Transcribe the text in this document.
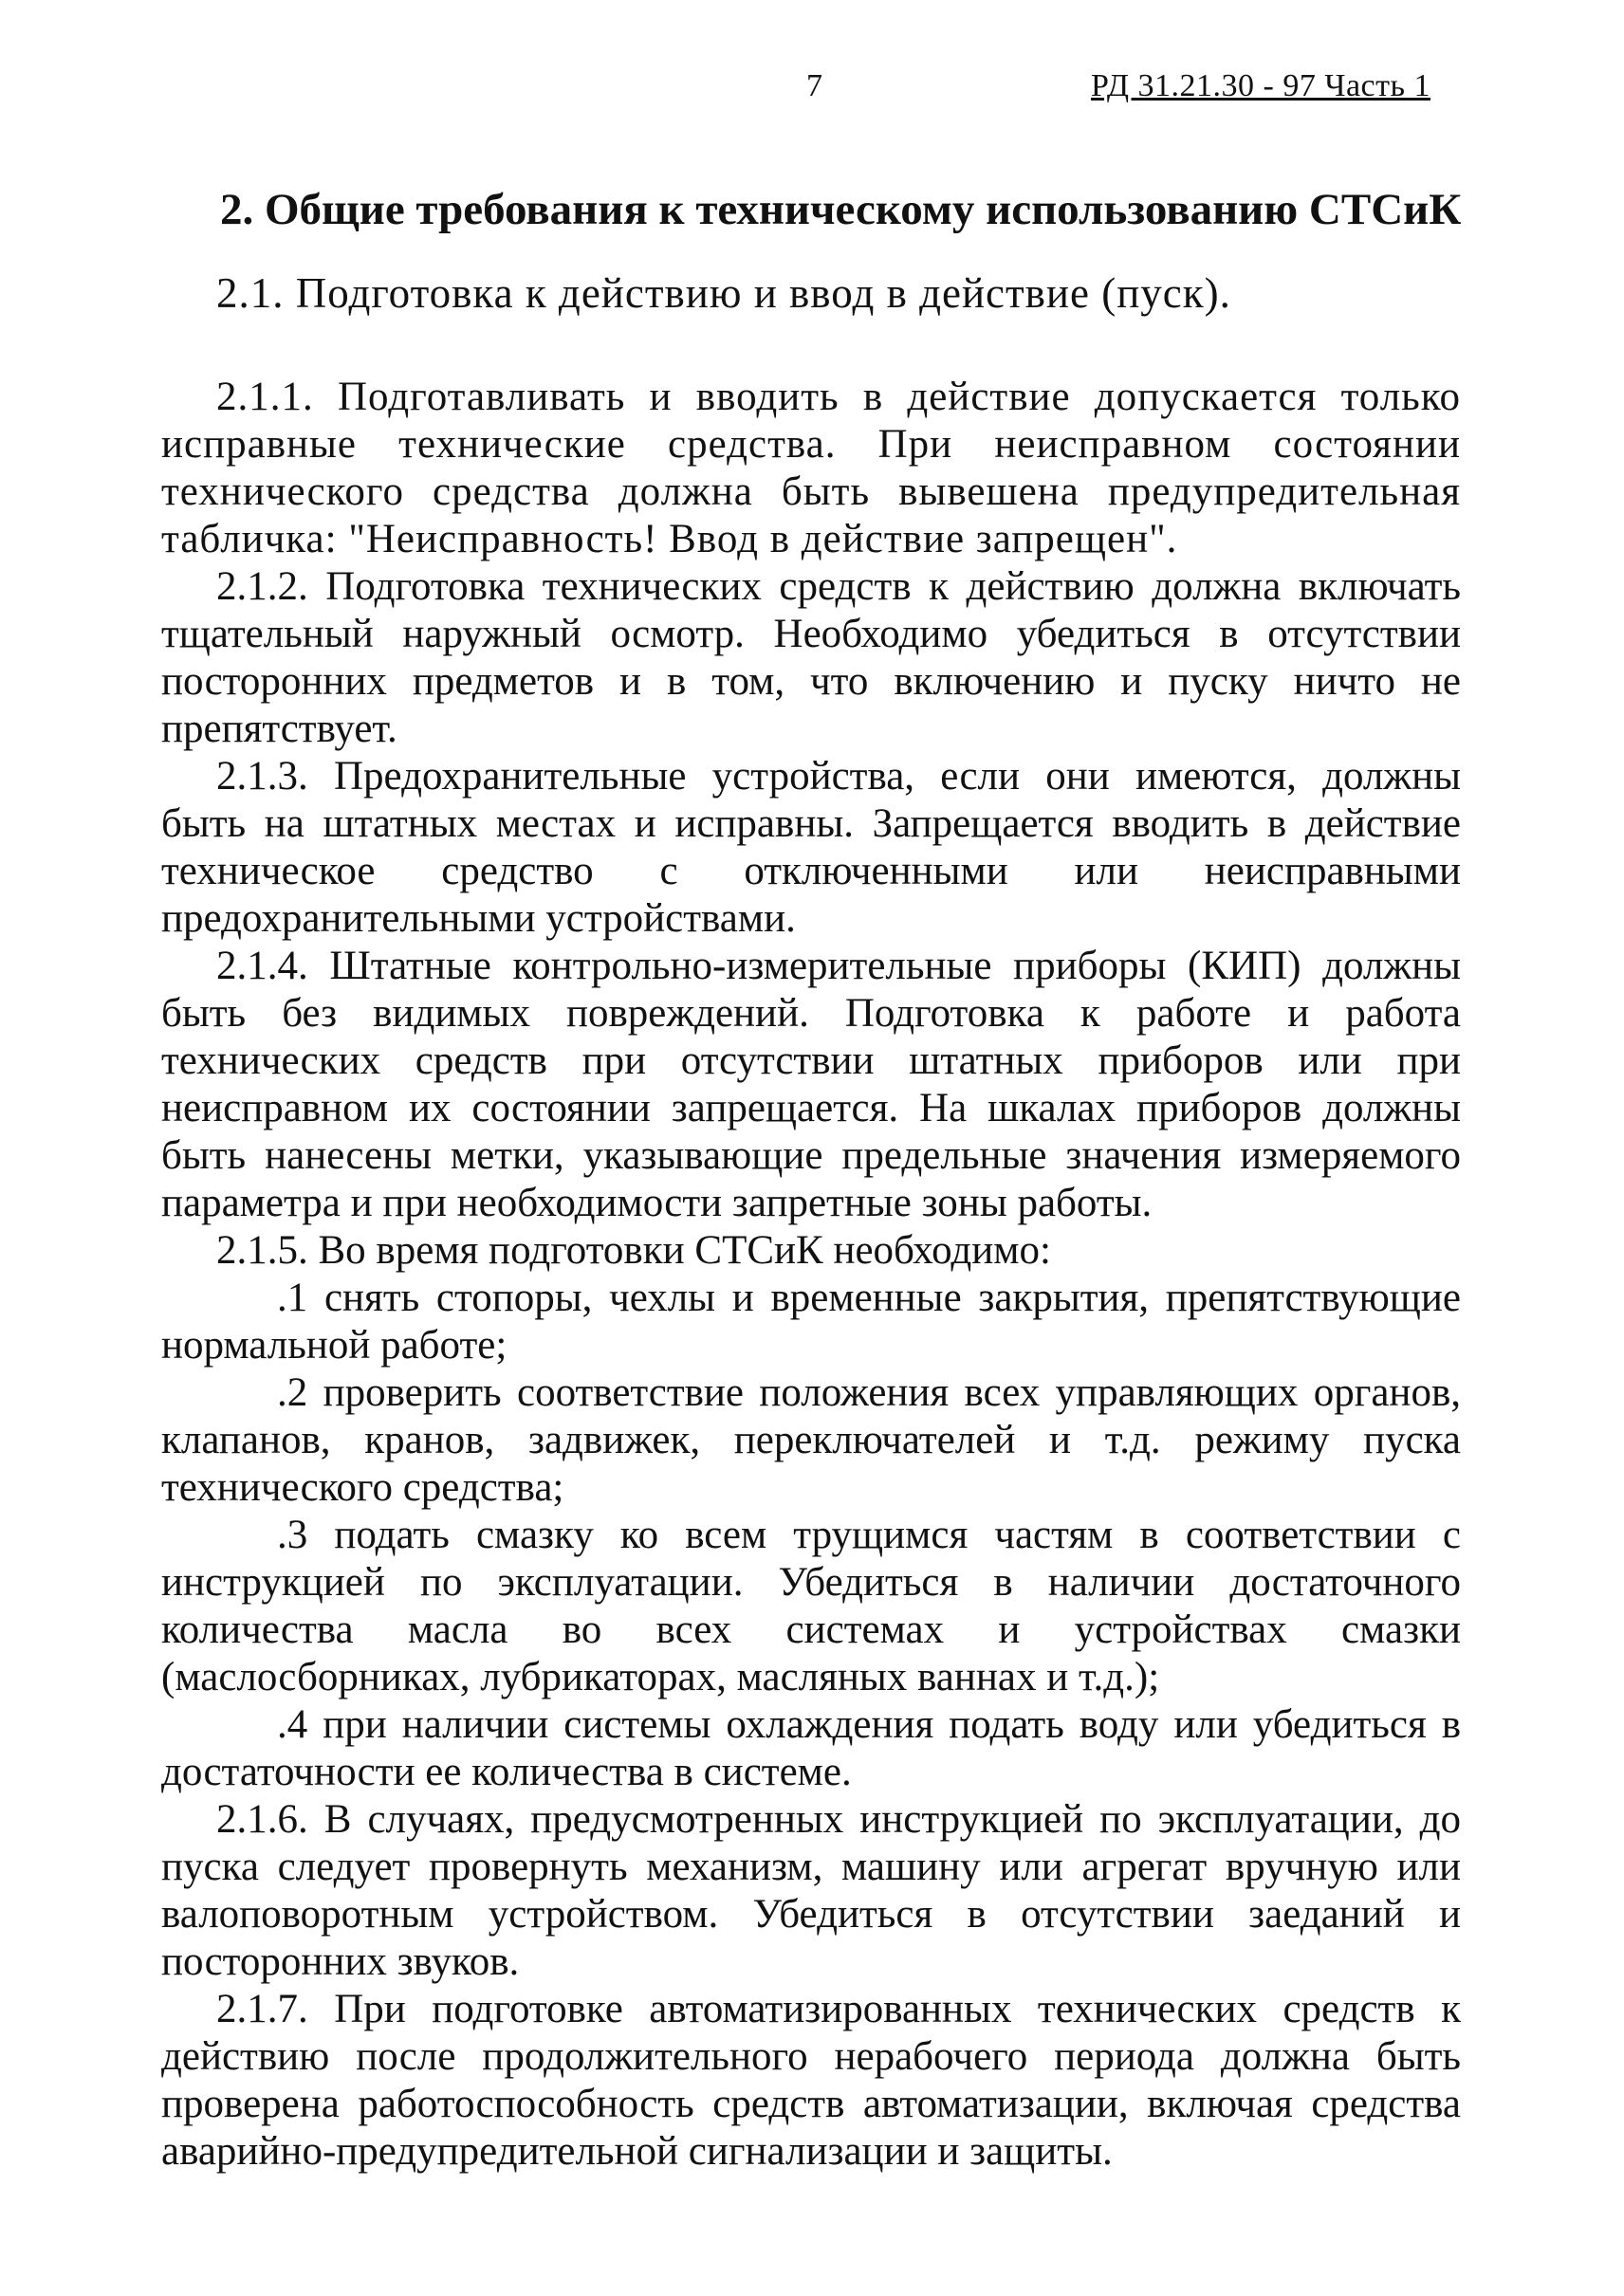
7	РД 31.21.30 - 97 Часть 1
2. Общие требования к техническому использованию СТСиК

2.1. Подготовка к действию и ввод в действие (пуск).

2.1.1. Подготавливать и вводить в действие допускается только исправные технические средства. При неисправном состоянии технического средства должна быть вывешена предупредительная табличка: "Неисправность! Ввод в действие запрещен".

2.1.2. Подготовка технических средств к действию должна включать тщательный наружный осмотр. Необходимо убедиться в отсутствии посторонних предметов и в том, что включению и пуску ничто не препятствует.

2.1.3. Предохранительные устройства, если они имеются, должны быть на штатных местах и исправны. Запрещается вводить в действие техническое средство с отключенными или неисправными предохранительными устройствами.

2.1.4. Штатные контрольно-измерительные приборы (КИП) должны быть без видимых повреждений. Подготовка к работе и работа технических средств при отсутствии штатных приборов или при неисправном их состоянии запрещается. На шкалах приборов должны быть нанесены метки, указывающие предельные значения измеряемого параметра и при необходимости запретные зоны работы.

2.1.5. Во время подготовки СТСиК необходимо:

.1 снять стопоры, чехлы и временные закрытия, препятствующие нормальной работе;

.2 проверить соответствие положения всех управляющих органов, клапанов, кранов, задвижек, переключателей и т.д. режиму пуска технического средства;

.3 подать смазку ко всем трущимся частям в соответствии с инструкцией по эксплуатации. Убедиться в наличии достаточного количества масла во всех системах и устройствах смазки (маслосборниках, лубрикаторах, масляных ваннах и т.д.);

.4 при наличии системы охлаждения подать воду или убедиться в достаточности ее количества в системе.

2.1.6. В случаях, предусмотренных инструкцией по эксплуатации, до пуска следует провернуть механизм, машину или агрегат вручную или валоповоротным устройством. Убедиться в отсутствии заеданий и посторонних звуков.

2.1.7. При подготовке автоматизированных технических средств к действию после продолжительного нерабочего периода должна быть проверена работоспособность средств автоматизации, включая средства аварийно-предупредительной сигнализации и защиты.
